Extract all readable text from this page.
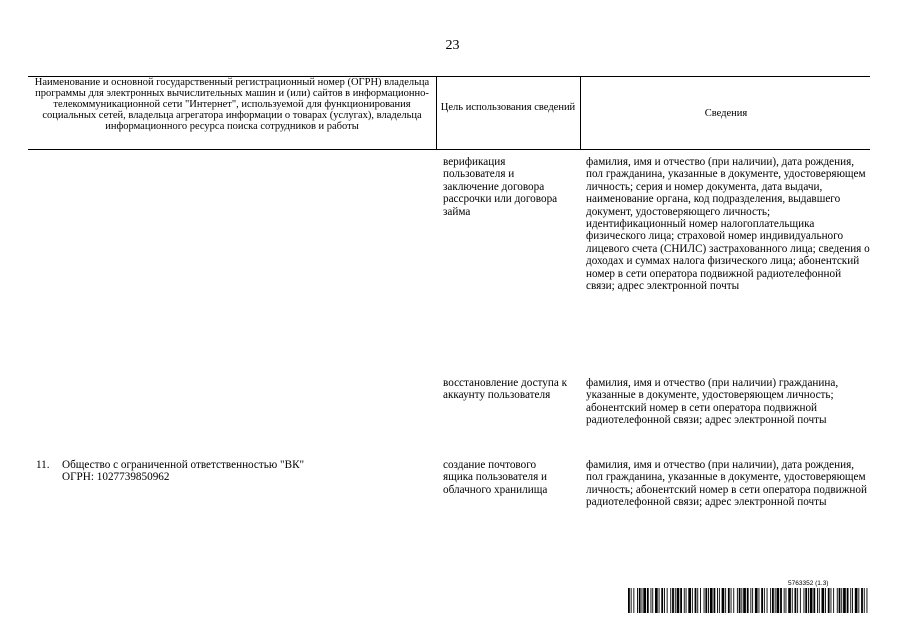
23
Наименование и основной государственный регистрационный номер (ОГРН) владельца программы для электронных вычислительных машин и (или) сайтов в информационно-телекоммуникационной сети "Интернет", используемой для функционирования социальных сетей, владельца агрегатора информации о товарах (услугах), владельца информационного ресурса поиска сотрудников и работы
Цель использования сведений
Сведения
верификация пользователя и заключение договора рассрочки или договора займа
фамилия, имя и отчество (при наличии), дата рождения, пол гражданина, указанные в документе, удостоверяющем личность; серия и номер документа, дата выдачи, наименование органа, код подразделения, выдавшего документ, удостоверяющего личность; идентификационный номер налогоплательщика физического лица; страховой номер индивидуального лицевого счета (СНИЛС) застрахованного лица; сведения о доходах и суммах налога физического лица; абонентский номер в сети оператора подвижной радиотелефонной связи; адрес электронной почты
восстановление доступа к аккаунту пользователя
фамилия, имя и отчество (при наличии) гражданина, указанные в документе, удостоверяющем личность; абонентский номер в сети оператора подвижной радиотелефонной связи; адрес электронной почты
11. Общество с ограниченной ответственностью "ВК"
ОГРН: 1027739850962
создание почтового ящика пользователя и облачного хранилища
фамилия, имя и отчество (при наличии), дата рождения, пол гражданина, указанные в документе, удостоверяющем личность; абонентский номер в сети оператора подвижной радиотелефонной связи; адрес электронной почты
5763352 (1.3)
